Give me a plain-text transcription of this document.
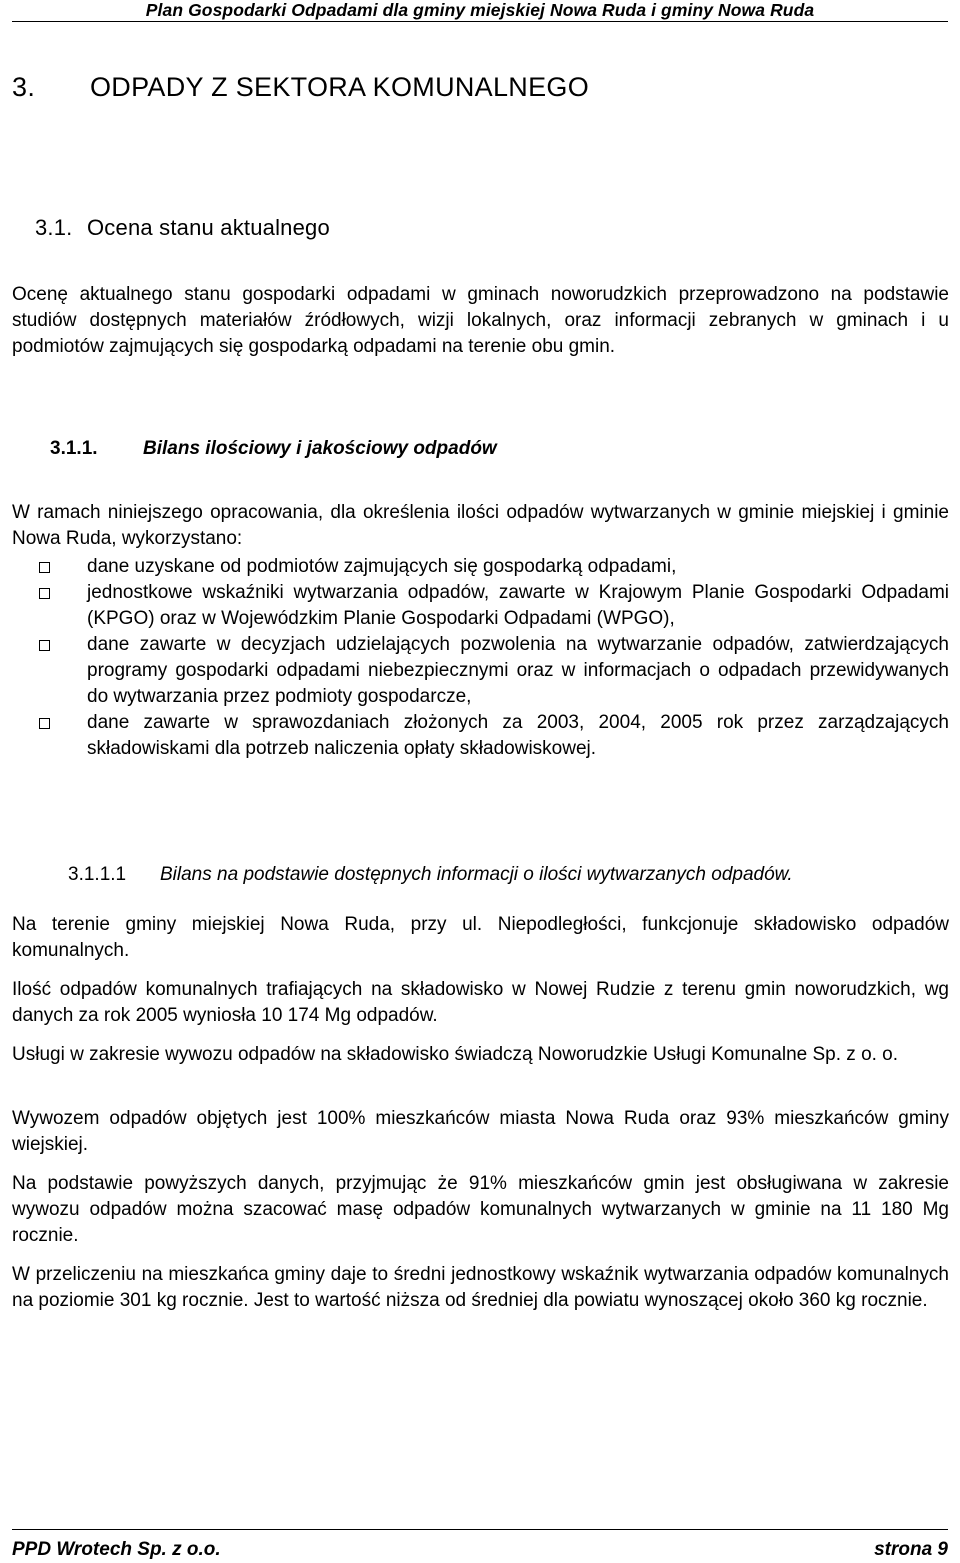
Plan Gospodarki Odpadami dla gminy miejskiej Nowa Ruda i gminy Nowa Ruda
3. ODPADY Z SEKTORA KOMUNALNEGO
3.1. Ocena stanu aktualnego

Ocenę aktualnego stanu gospodarki odpadami w gminach noworudzkich przeprowadzono na podstawie studiów dostępnych materiałów źródłowych, wizji lokalnych, oraz informacji zebranych w gminach i u podmiotów zajmujących się gospodarką odpadami na terenie obu gmin.

3.1.1. Bilans ilościowy i jakościowy odpadów

W ramach niniejszego opracowania, dla określenia ilości odpadów wytwarzanych w gminie miejskiej i gminie Nowa Ruda, wykorzystano:

dane uzyskane od podmiotów zajmujących się gospodarką odpadami,
jednostkowe wskaźniki wytwarzania odpadów, zawarte w Krajowym Planie Gospodarki Odpadami (KPGO) oraz w Wojewódzkim Planie Gospodarki Odpadami (WPGO),
dane zawarte w decyzjach udzielających pozwolenia na wytwarzanie odpadów, zatwierdzających programy gospodarki odpadami niebezpiecznymi oraz w informacjach o odpadach przewidywanych do wytwarzania przez podmioty gospodarcze,
dane zawarte w sprawozdaniach złożonych za 2003, 2004, 2005 rok przez zarządzających składowiskami dla potrzeb naliczenia opłaty składowiskowej.
3.1.1.1 Bilans na podstawie dostępnych informacji o ilości wytwarzanych odpadów.

Na terenie gminy miejskiej Nowa Ruda, przy ul. Niepodległości, funkcjonuje składowisko odpadów komunalnych.

Ilość odpadów komunalnych trafiających na składowisko w Nowej Rudzie z terenu gmin noworudzkich, wg danych za rok 2005 wyniosła 10 174 Mg odpadów.

Usługi w zakresie wywozu odpadów na składowisko świadczą Noworudzkie Usługi Komunalne Sp. z o. o.

Wywozem odpadów objętych jest 100% mieszkańców miasta Nowa Ruda oraz 93% mieszkańców gminy wiejskiej.

Na podstawie powyższych danych, przyjmując że 91% mieszkańców gmin jest obsługiwana w zakresie wywozu odpadów można szacować masę odpadów komunalnych wytwarzanych w gminie na 11 180 Mg rocznie.

W przeliczeniu na mieszkańca gminy daje to średni jednostkowy wskaźnik wytwarzania odpadów komunalnych na poziomie 301 kg rocznie. Jest to wartość niższa od średniej dla powiatu wynoszącej około 360 kg rocznie.

PPD Wrotech Sp. z o.o.	strona 9
